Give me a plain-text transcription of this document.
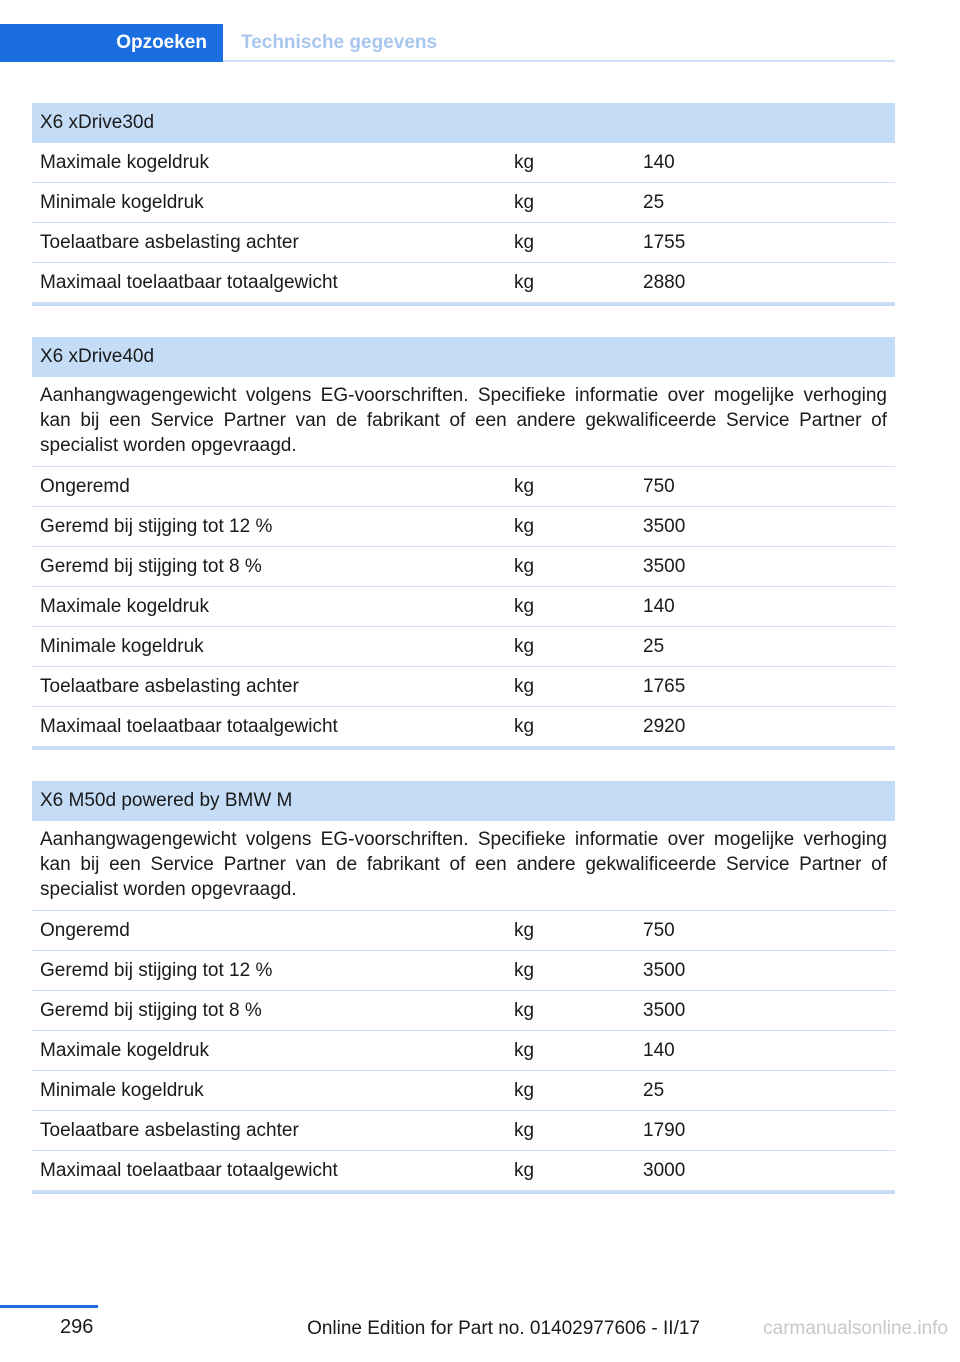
Opzoeken	Technische gegevens
X6 xDrive30d
Maximale kogeldruk	kg	140
Minimale kogeldruk	kg	25
Toelaatbare asbelasting achter	kg	1755
Maximaal toelaatbaar totaalgewicht	kg	2880
X6 xDrive40d
Aanhangwagengewicht volgens EG-voorschriften. Specifieke informatie over mogelijke verhoging kan bij een Service Partner van de fabrikant of een andere gekwalificeerde Service Partner of specialist worden opgevraagd.
Ongeremd	kg	750
Geremd bij stijging tot 12 %	kg	3500
Geremd bij stijging tot 8 %	kg	3500
Maximale kogeldruk	kg	140
Minimale kogeldruk	kg	25
Toelaatbare asbelasting achter	kg	1765
Maximaal toelaatbaar totaalgewicht	kg	2920
X6 M50d powered by BMW M
Aanhangwagengewicht volgens EG-voorschriften. Specifieke informatie over mogelijke verhoging kan bij een Service Partner van de fabrikant of een andere gekwalificeerde Service Partner of specialist worden opgevraagd.
Ongeremd	kg	750
Geremd bij stijging tot 12 %	kg	3500
Geremd bij stijging tot 8 %	kg	3500
Maximale kogeldruk	kg	140
Minimale kogeldruk	kg	25
Toelaatbare asbelasting achter	kg	1790
Maximaal toelaatbaar totaalgewicht	kg	3000
296	Online Edition for Part no. 01402977606 - II/17	carmanualsonline.info
